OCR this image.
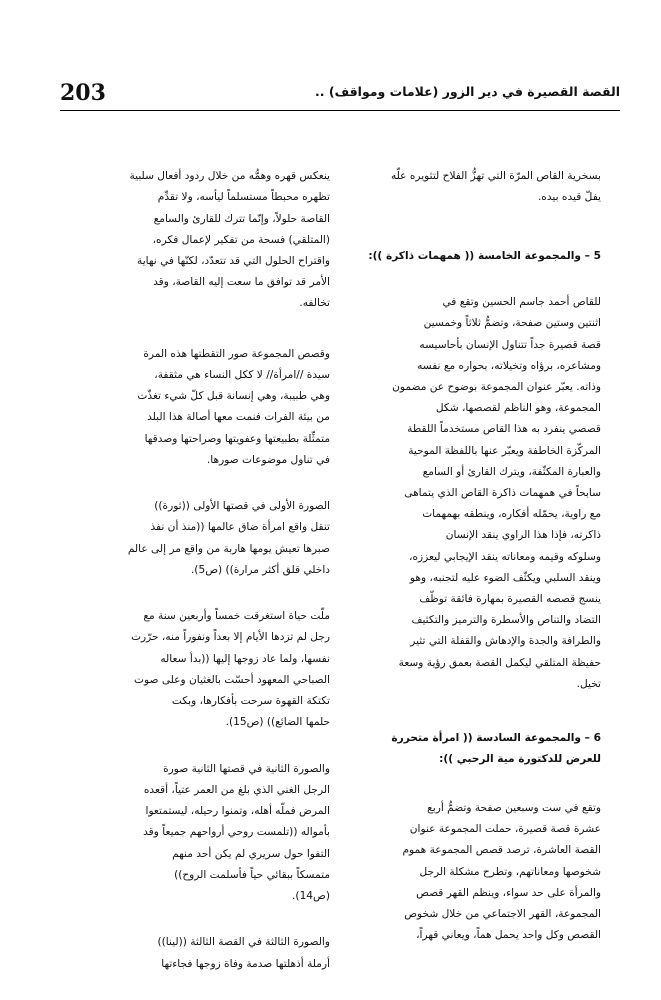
203	القصة القصيرة في دير الزور (علامات ومواقف) ..

بسخرية القاص المرّة التي تهزُّ الفلاح لتثويره علّه
يفلّ قيده بيده.

5 – والمجموعة الخامسة (( همهمات ذاكرة )):

للقاص أحمد جاسم الحسين وتقع في
اثنتين وستين صفحة، وتضمُّ ثلاثاً وخمسين
قصة قصيرة جداً تتناول الإنسان بأحاسيسه
ومشاعره، برؤاه وتخيلاته، بحواره مع نفسه
وذاته. يعبّر عنوان المجموعة بوضوح عن مضمون
المجموعة، وهو الناظم لقصصها، شكل
قصصي ينفرد به هذا القاص مستخدماً اللقطة
المركّزة الخاطفة ويعبّر عنها باللفظة الموحية
والعبارة المكثّفة، ويترك القارئ أو السامع
سابحاً في همهمات ذاكرة القاص الذي يتماهى
مع راوية، يحمّله أفكاره، وينطقه بهمهمات
ذاكرته، فإذا هذا الراوي ينقد الإنسان
وسلوكه وقيمه ومعاناته ينقد الإيجابي ليعززه،
وينقد السلبي ويكثّف الضوء عليه لتجنبه، وهو
ينسج قصصه القصيرة بمهارة فائقة توظّف
التضاد والتناص والأسطرة والترميز والتكثيف
والطرافة والجدة والإدهاش والقفلة التي تثير
حفيظة المتلقي ليكمل القصة بعمق رؤية وسعة
تخيل.

6 – والمجموعة السادسة (( امرأة متحررة
للعرض للدكتورة مية الرحبي )):

وتقع في ست وسبعين صفحة وتضمُّ أربع
عشرة قصة قصيرة، حملت المجموعة عنوان
القصة العاشرة، ترصد قصص المجموعة هموم
شخوصها ومعاناتهم، وتطرح مشكلة الرجل
والمرأة على حد سواء، وينظم القهر قصص
المجموعة، القهر الاجتماعي من خلال شخوص
القصص وكل واحد يحمل هماً، ويعاني قهراً،

ينعكس قهره وهمُّه من خلال ردود أفعال سلبية
تظهره محبطاً مستسلماً ليأسه، ولا تقدِّم
القاصة حلولاً، وإنّما تترك للقارئ والسامع
(المتلقي) فسحة من تفكير لإعمال فكره،
واقتراح الحلول التي قد تتعدّد، لكنّها في نهاية
الأمر قد توافق ما سعت إليه القاصة، وقد
تخالفه.

وقصص المجموعة صور التقطتها هذه المرة
سيدة //امرأة// لا ككل النساء هي مثقفة،
وهي طبيبة، وهي إنسانة قبل كلّ شيء تغذّت
من بيئة الفرات فنمت معها أصالة هذا البلد
متمثِّلة بطبيعتها وعفويتها وصراحتها وصدقها
في تناول موضوعات صورها.

الصورة الأولى في قصتها الأولى ((ثورة))
تنقل واقع امرأة ضاق عالمها ((منذ أن نفذ
صبرها تعيش يومها هاربة من واقع مر إلى عالم
داخلي قلق أكثر مرارة)) (ص5).

ملّت حياة استغرقت خمساً وأربعين سنة مع
رجل لم تزدها الأيام إلا بعداً ونفوراً منه، حرّرت
نفسها، ولما عاد زوجها إليها ((بدأ سعاله
الصباحي المعهود أحسّت بالغثيان وعلى صوت
تكتكة القهوة سرحت بأفكارها، وبكت
حلمها الضائع)) (ص15).

والصورة الثانية في قصتها الثانية صورة
الرجل الغني الذي بلغ من العمر عتياً، أقعده
المرض فملّه أهله، وتمنوا رحيله، ليستمتعوا
بأمواله ((تلمست روحي أرواحهم جميعاً وقد
التفوا حول سريري لم يكن أحد منهم
متمسكاً ببقائي حياً فأسلمت الروح))
(ص14).

والصورة الثالثة في القصة الثالثة ((لينا))
أرملة أذهلتها صدمة وفاة زوجها فجاءتها
